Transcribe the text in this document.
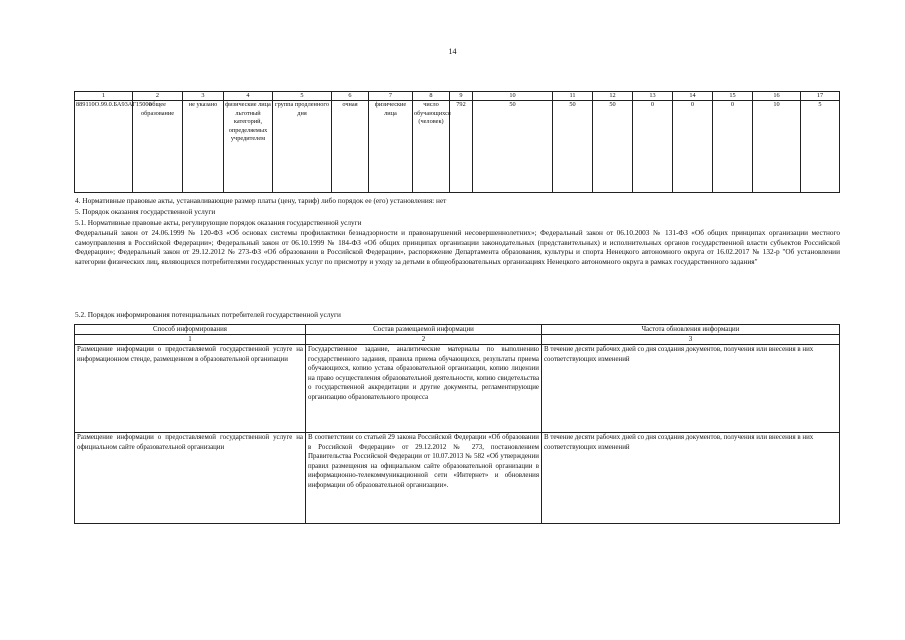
14
1	2	3	4	5	6	7	8	9	10	11	12	13	14	15	16	17
889110О.99.0.БА93АГ15000	общее образование	не указано	физические лица льготный категорий, определяемых учредителем	группа продленного дня	очная	физические лица	число обучающихся (человек)	792	50	50	50	0	0	0	10	5
4. Нормативные правовые акты, устанавливающие размер платы (цену, тариф) либо порядок ее (его) установления: нет
5. Порядок оказания государственной услуги
5.1. Нормативные правовые акты, регулирующие порядок оказания государственной услуги
Федеральный закон от 24.06.1999 № 120-ФЗ «Об основах системы профилактики безнадзорности и правонарушений несовершеннолетних»; Федеральный закон от 06.10.2003 № 131-ФЗ «Об общих принципах организации местного самоуправления в Российской Федерации»; Федеральный закон от 06.10.1999 № 184-ФЗ «Об общих принципах организации законодательных (представительных) и исполнительных органов государственной власти субъектов Российской Федерации»; Федеральный закон от 29.12.2012 № 273-ФЗ «Об образовании в Российской Федерации», распоряжение Департамента образования, культуры и спорта Ненецкого автономного округа от 16.02.2017 № 132-р "Об установлении категории физических лиц, являющихся потребителями государственных услуг по присмотру и уходу за детьми в общеобразовательных организациях Ненецкого автономного округа в рамках государственного задания"
5.2. Порядок информирования потенциальных потребителей государственной услуги
Способ информирования	Состав размещаемой информации	Частота обновления информации
1	2	3
Размещение информации о предоставляемой государственной услуге на информационном стенде, размещенном в образовательной организации	Государственное задание, аналитические материалы по выполнению государственного задания, правила приема обучающихся, результаты приема обучающихся, копию устава образовательной организации, копию лицензии на право осуществления образовательной деятельности, копию свидетельства о государственной аккредитации и другие документы, регламентирующие организацию образовательного процесса	В течение десяти рабочих дней со дня создания документов, получения или внесения в них соответствующих изменений
Размещение информации о предоставляемой государственной услуге на официальном сайте образовательной организации	В соответствии со статьей 29 закона Российской Федерации «Об образовании в Российской Федерации» от 29.12.2012 № 273, постановлением Правительства Российской Федерации от 10.07.2013 № 582 «Об утверждении правил размещения на официальном сайте образовательной организации в информационно-телекоммуникационной сети «Интернет» и обновления информации об образовательной организации».	В течение десяти рабочих дней со дня создания документов, получения или внесения в них соответствующих изменений
